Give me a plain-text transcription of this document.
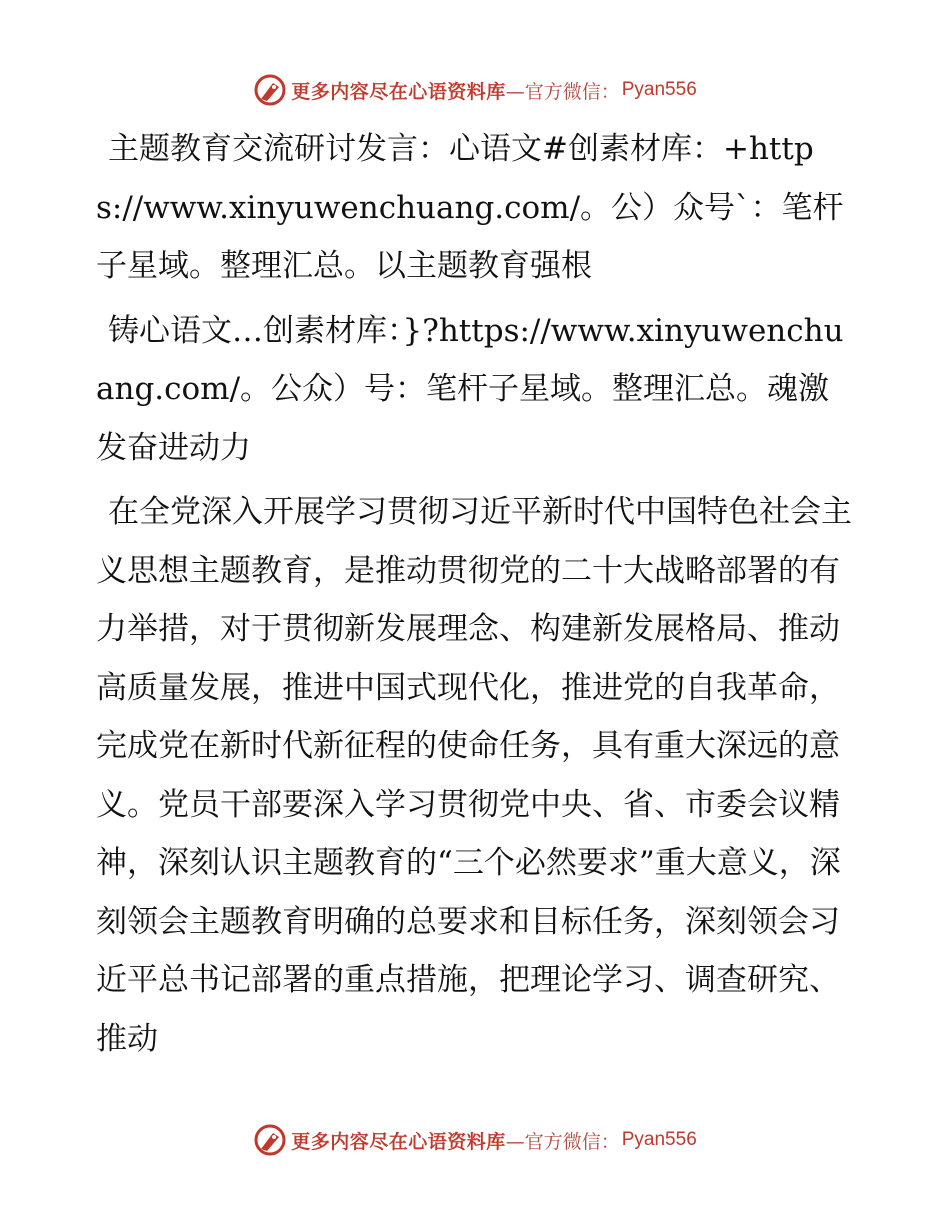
更多内容尽在心语资料库 —官方微信： Pyan556

主题教育交流研讨发言：心语文#创素材库：+https://www.xinyuwenchuang.com/。公）众号`：笔杆子星域。整理汇总。以主题教育强根

铸心语文…创素材库：}?https://www.xinyuwenchuang.com/。公众）号：笔杆子星域。整理汇总。魂激发奋进动力

在全党深入开展学习贯彻习近平新时代中国特色社会主义思想主题教育，是推动贯彻党的二十大战略部署的有力举措，对于贯彻新发展理念、构建新发展格局、推动高质量发展，推进中国式现代化，推进党的自我革命，完成党在新时代新征程的使命任务，具有重大深远的意义。党员干部要深入学习贯彻党中央、省、市委会议精神，深刻认识主题教育的“三个必然要求”重大意义，深刻领会主题教育明确的总要求和目标任务，深刻领会习近平总书记部署的重点措施，把理论学习、调查研究、推动

更多内容尽在心语资料库 —官方微信： Pyan556
